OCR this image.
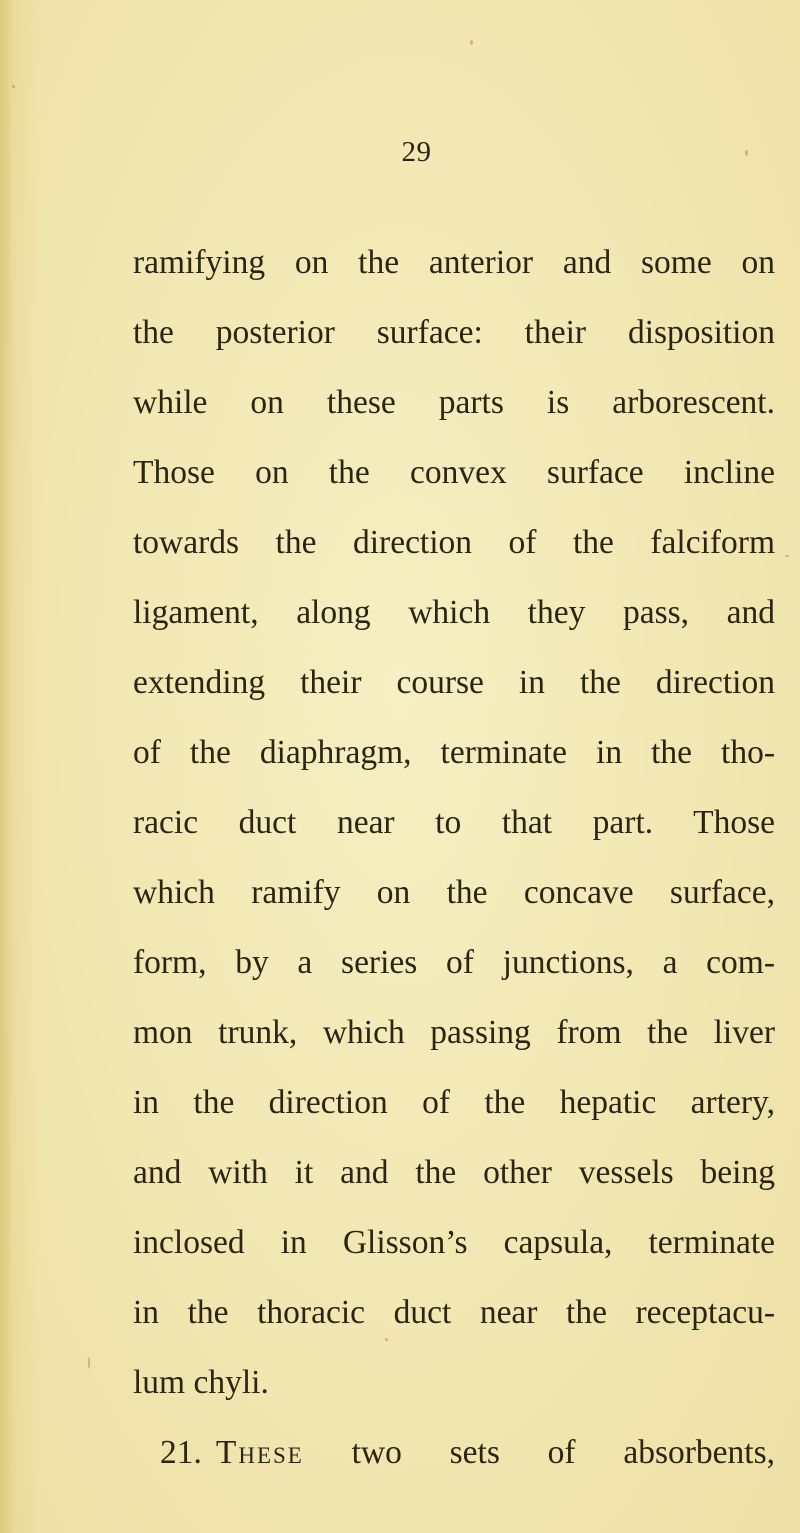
29
ramifying on the anterior and some on
the posterior surface: their disposition
while on these parts is arborescent.
Those on the convex surface incline
towards the direction of the falciform
ligament, along which they pass, and
extending their course in the direction
of the diaphragm, terminate in the tho-
racic duct near to that part. Those
which ramify on the concave surface,
form, by a series of junctions, a com-
mon trunk, which passing from the liver
in the direction of the hepatic artery,
and with it and the other vessels being
inclosed in Glisson’s capsula, terminate
in the thoracic duct near the receptacu-
lum chyli.
21. These two sets of absorbents,
